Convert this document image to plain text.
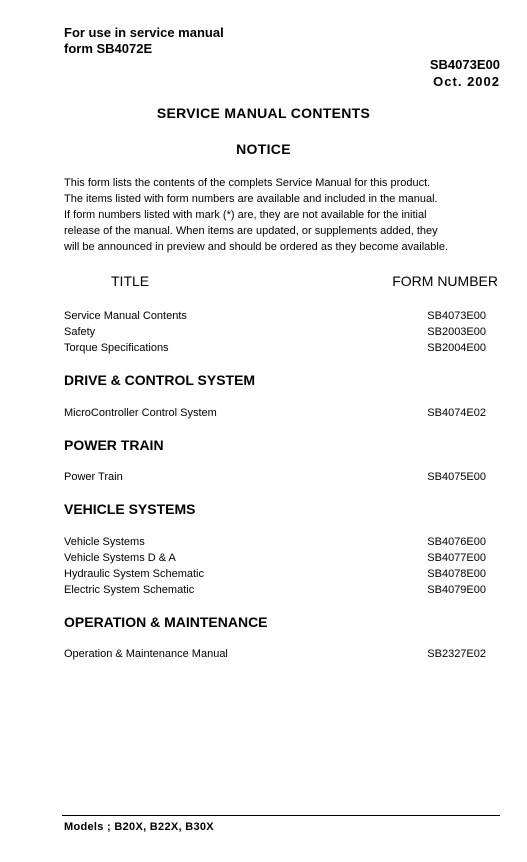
For use in service manual
form SB4072E
SB4073E00
Oct. 2002
SERVICE MANUAL CONTENTS
NOTICE
This form lists the contents of the complets Service Manual for this product.
The items listed with form numbers are available and included in the manual.
If form numbers listed with mark (*) are, they are not available for the initial
release of the manual. When items are updated, or supplements added, they
will be announced in preview and should be ordered as they become available.
TITLE	FORM NUMBER
Service Manual Contents	SB4073E00
Safety	SB2003E00
Torque Specifications	SB2004E00
DRIVE & CONTROL SYSTEM
MicroController Control System	SB4074E02
POWER TRAIN
Power Train	SB4075E00
VEHICLE SYSTEMS
Vehicle Systems	SB4076E00
Vehicle Systems D & A	SB4077E00
Hydraulic System Schematic	SB4078E00
Electric System Schematic	SB4079E00
OPERATION & MAINTENANCE
Operation & Maintenance Manual	SB2327E02
Models ; B20X, B22X, B30X
